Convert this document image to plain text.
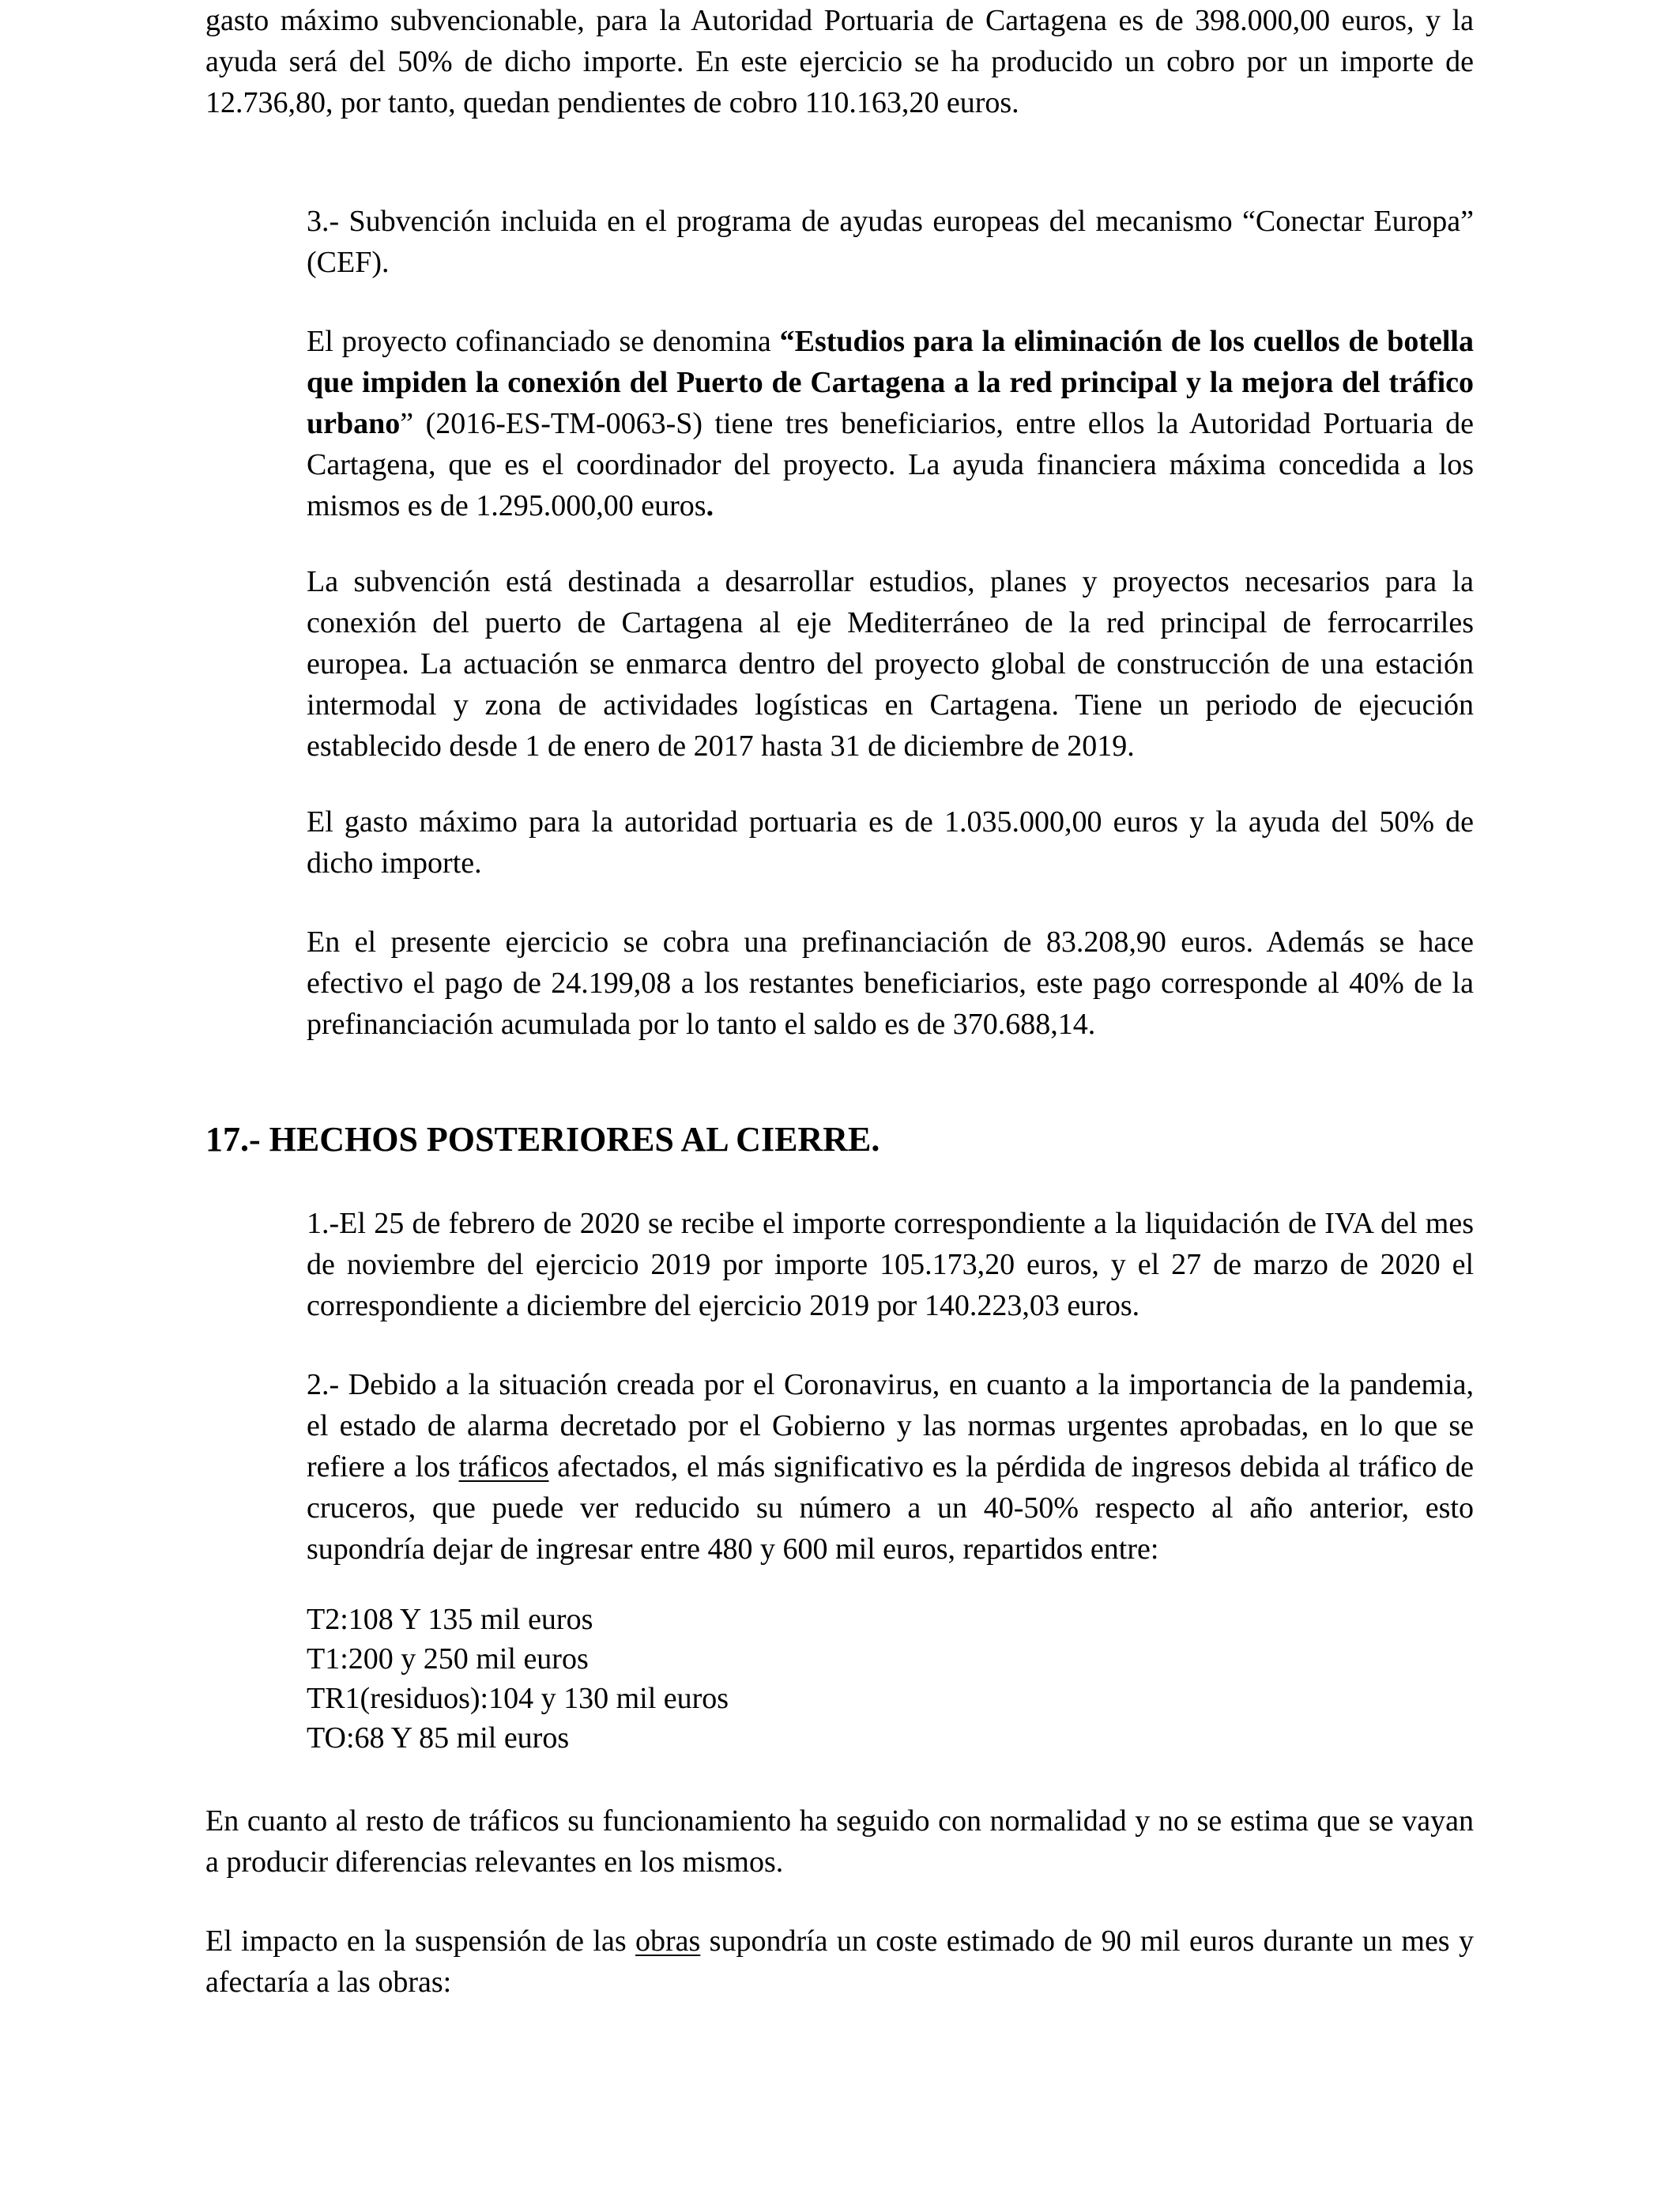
gasto máximo subvencionable, para la Autoridad Portuaria de Cartagena es de 398.000,00 euros, y la ayuda será del 50% de dicho importe. En este ejercicio se ha producido un cobro por un importe de 12.736,80, por tanto, quedan pendientes de cobro 110.163,20 euros.

3.- Subvención incluida en el programa de ayudas europeas del mecanismo “Conectar Europa” (CEF).

El proyecto cofinanciado se denomina “Estudios para la eliminación de los cuellos de botella que impiden la conexión del Puerto de Cartagena a la red principal y la mejora del tráfico urbano” (2016-ES-TM-0063-S) tiene tres beneficiarios, entre ellos la Autoridad Portuaria de Cartagena, que es el coordinador del proyecto. La ayuda financiera máxima concedida a los mismos es de 1.295.000,00 euros.

La subvención está destinada a desarrollar estudios, planes y proyectos necesarios para la conexión del puerto de Cartagena al eje Mediterráneo de la red principal de ferrocarriles europea. La actuación se enmarca dentro del proyecto global de construcción de una estación intermodal y zona de actividades logísticas en Cartagena. Tiene un periodo de ejecución establecido desde 1 de enero de 2017 hasta 31 de diciembre de 2019.

El gasto máximo para la autoridad portuaria es de 1.035.000,00 euros y la ayuda del 50% de dicho importe.

En el presente ejercicio se cobra una prefinanciación de 83.208,90 euros. Además se hace efectivo el pago de 24.199,08 a los restantes beneficiarios, este pago corresponde al 40% de la prefinanciación acumulada por lo tanto el saldo es de 370.688,14.

17.- HECHOS POSTERIORES AL CIERRE.

1.-El 25 de febrero de 2020 se recibe el importe correspondiente a la liquidación de IVA del mes de noviembre del ejercicio 2019 por importe 105.173,20 euros, y el 27 de marzo de 2020 el correspondiente a diciembre del ejercicio 2019 por 140.223,03 euros.

2.- Debido a la situación creada por el Coronavirus, en cuanto a la importancia de la pandemia, el estado de alarma decretado por el Gobierno y las normas urgentes aprobadas, en lo que se refiere a los tráficos afectados, el más significativo es la pérdida de ingresos debida al tráfico de cruceros, que puede ver reducido su número a un 40-50% respecto al año anterior, esto supondría dejar de ingresar entre 480 y 600 mil euros, repartidos entre:

T2:108 Y 135 mil euros
T1:200 y 250 mil euros
TR1(residuos):104 y 130 mil euros
TO:68 Y 85 mil euros

En cuanto al resto de tráficos su funcionamiento ha seguido con normalidad y no se estima que se vayan a producir diferencias relevantes en los mismos.

El impacto en la suspensión de las obras supondría un coste estimado de 90 mil euros durante un mes y afectaría a las obras:
